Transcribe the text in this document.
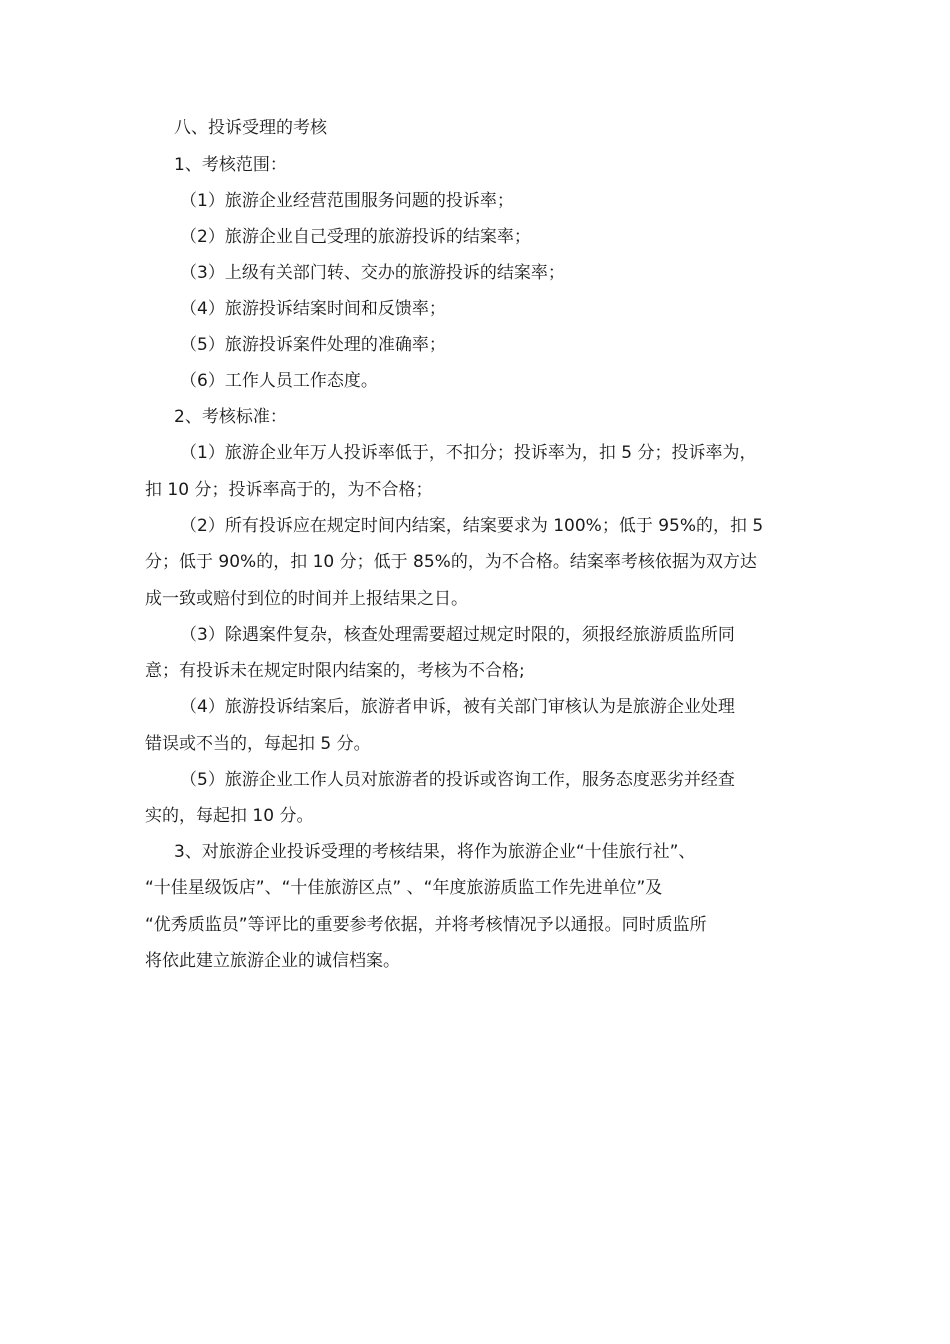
八、投诉受理的考核
1、考核范围：
（1）旅游企业经营范围服务问题的投诉率；
（2）旅游企业自己受理的旅游投诉的结案率；
（3）上级有关部门转、交办的旅游投诉的结案率；
（4）旅游投诉结案时间和反馈率；
（5）旅游投诉案件处理的准确率；
（6）工作人员工作态度。
2、考核标准：
（1）旅游企业年万人投诉率低于，不扣分；投诉率为，扣 5 分；投诉率为，
扣 10 分；投诉率高于的，为不合格；
（2）所有投诉应在规定时间内结案，结案要求为 100%；低于 95%的，扣 5
分；低于 90%的，扣 10 分；低于 85%的，为不合格。结案率考核依据为双方达
成一致或赔付到位的时间并上报结果之日。
（3）除遇案件复杂，核查处理需要超过规定时限的，须报经旅游质监所同
意；有投诉未在规定时限内结案的，考核为不合格;
（4）旅游投诉结案后，旅游者申诉，被有关部门审核认为是旅游企业处理
错误或不当的，每起扣 5 分。
（5）旅游企业工作人员对旅游者的投诉或咨询工作，服务态度恶劣并经查
实的，每起扣 10 分。
3、对旅游企业投诉受理的考核结果，将作为旅游企业“十佳旅行社”、
“十佳星级饭店”、“十佳旅游区点” 、“年度旅游质监工作先进单位”及
“优秀质监员”等评比的重要参考依据，并将考核情况予以通报。同时质监所
将依此建立旅游企业的诚信档案。
